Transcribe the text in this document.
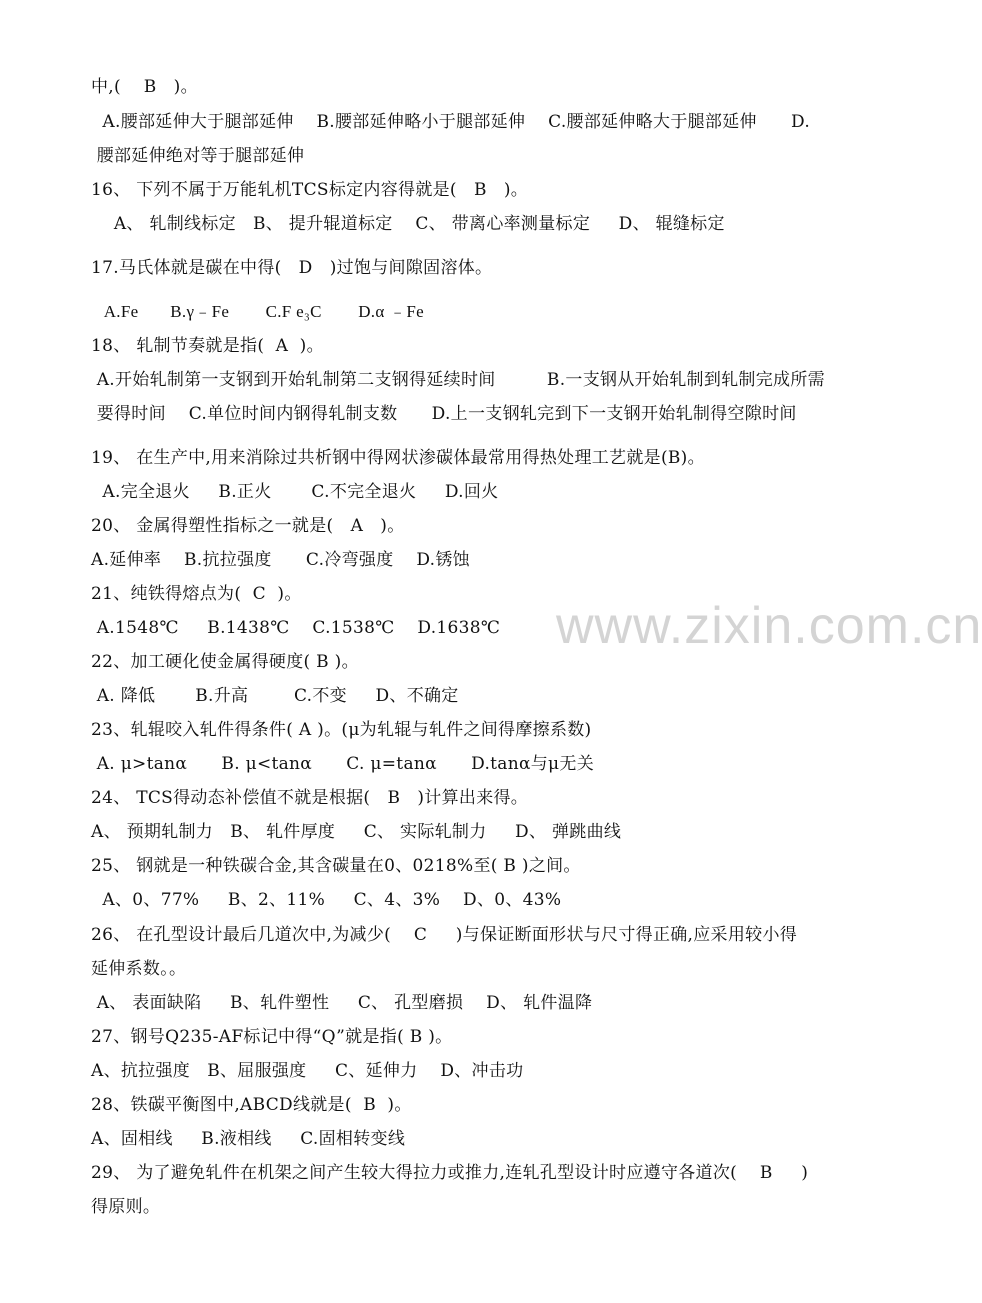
www.zixin.com.cn
中,(    B   )。
A.腰部延伸大于腿部延伸    B.腰部延伸略小于腿部延伸    C.腰部延伸略大于腿部延伸      D.
腰部延伸绝对等于腿部延伸
16、 下列不属于万能轧机TCS标定内容得就是(   B   )。
A、 轧制线标定   B、 提升辊道标定    C、 带离心率测量标定     D、 辊缝标定
17.马氏体就是碳在中得(   D   )过饱与间隙固溶体。
A.Fe       B.γ﹣Fe        C.F e₃C        D.α ﹣Fe
18、 轧制节奏就是指(  A  )。
A.开始轧制第一支钢到开始轧制第二支钢得延续时间         B.一支钢从开始轧制到轧制完成所需
要得时间    C.单位时间内钢得轧制支数      D.上一支钢轧完到下一支钢开始轧制得空隙时间
19、 在生产中,用来消除过共析钢中得网状渗碳体最常用得热处理工艺就是(B)。
A.完全退火     B.正火       C.不完全退火     D.回火
20、 金属得塑性指标之一就是(   A   )。
A.延伸率    B.抗拉强度      C.冷弯强度    D.锈蚀
21、纯铁得熔点为(  C  )。
A.1548℃     B.1438℃    C.1538℃    D.1638℃
22、加工硬化使金属得硬度( B )。
A. 降低       B.升高        C.不变     D、不确定
23、轧辊咬入轧件得条件( A )。(μ为轧辊与轧件之间得摩擦系数)
A. μ>tanα      B. μ<tanα      C. μ=tanα      D.tanα与μ无关
24、 TCS得动态补偿值不就是根据(   B   )计算出来得。
A、 预期轧制力   B、 轧件厚度     C、 实际轧制力     D、 弹跳曲线
25、 钢就是一种铁碳合金,其含碳量在0、0218%至( B )之间。
A、0、77%     B、2、11%     C、4、3%    D、0、43%
26、 在孔型设计最后几道次中,为减少(    C     )与保证断面形状与尺寸得正确,应采用较小得
延伸系数。。
A、 表面缺陷     B、轧件塑性     C、 孔型磨损    D、 轧件温降
27、钢号Q235-AF标记中得“Q”就是指( B )。
A、抗拉强度   B、屈服强度     C、延伸力    D、冲击功
28、铁碳平衡图中,ABCD线就是(  B  )。
A、固相线     B.液相线     C.固相转变线
29、 为了避免轧件在机架之间产生较大得拉力或推力,连轧孔型设计时应遵守各道次(    B     )
得原则。
